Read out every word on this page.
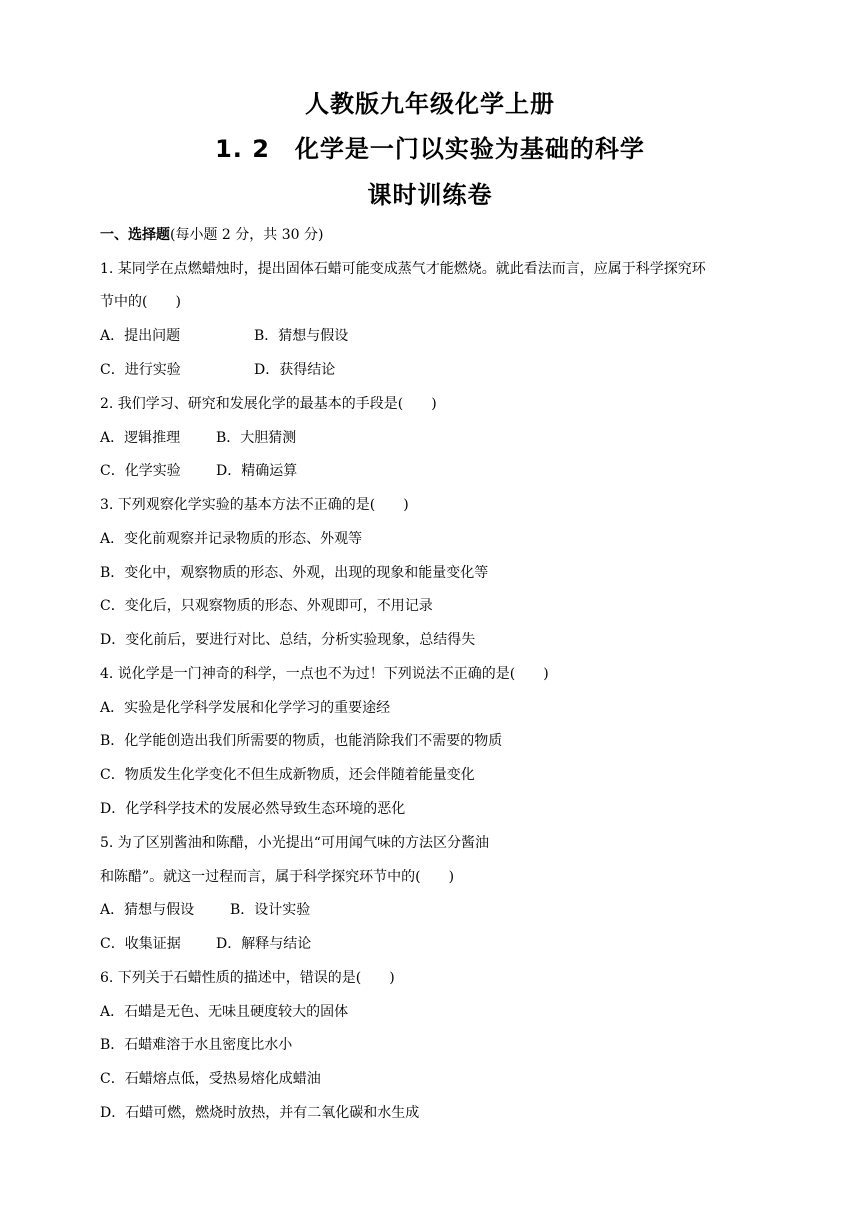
人教版九年级化学上册
1. 2　化学是一门以实验为基础的科学
课时训练卷
一、选择题(每小题 2 分，共 30 分)
1. 某同学在点燃蜡烛时，提出固体石蜡可能变成蒸气才能燃烧。就此看法而言，应属于科学探究环
节中的(　　)
A．提出问题	B．猜想与假设
C．进行实验	D．获得结论
2. 我们学习、研究和发展化学的最基本的手段是(　　)
A．逻辑推理	B．大胆猜测
C．化学实验	D．精确运算
3. 下列观察化学实验的基本方法不正确的是(　　)
A．变化前观察并记录物质的形态、外观等
B．变化中，观察物质的形态、外观，出现的现象和能量变化等
C．变化后，只观察物质的形态、外观即可，不用记录
D．变化前后，要进行对比、总结，分析实验现象，总结得失
4. 说化学是一门神奇的科学，一点也不为过！下列说法不正确的是(　　)
A．实验是化学科学发展和化学学习的重要途经
B．化学能创造出我们所需要的物质，也能消除我们不需要的物质
C．物质发生化学变化不但生成新物质，还会伴随着能量变化
D．化学科学技术的发展必然导致生态环境的恶化
5. 为了区别酱油和陈醋，小光提出“可用闻气味的方法区分酱油
和陈醋”。就这一过程而言，属于科学探究环节中的(　　)
A．猜想与假设	B．设计实验
C．收集证据	D．解释与结论
6. 下列关于石蜡性质的描述中，错误的是(　　)
A．石蜡是无色、无味且硬度较大的固体
B．石蜡难溶于水且密度比水小
C．石蜡熔点低，受热易熔化成蜡油
D．石蜡可燃，燃烧时放热，并有二氧化碳和水生成
